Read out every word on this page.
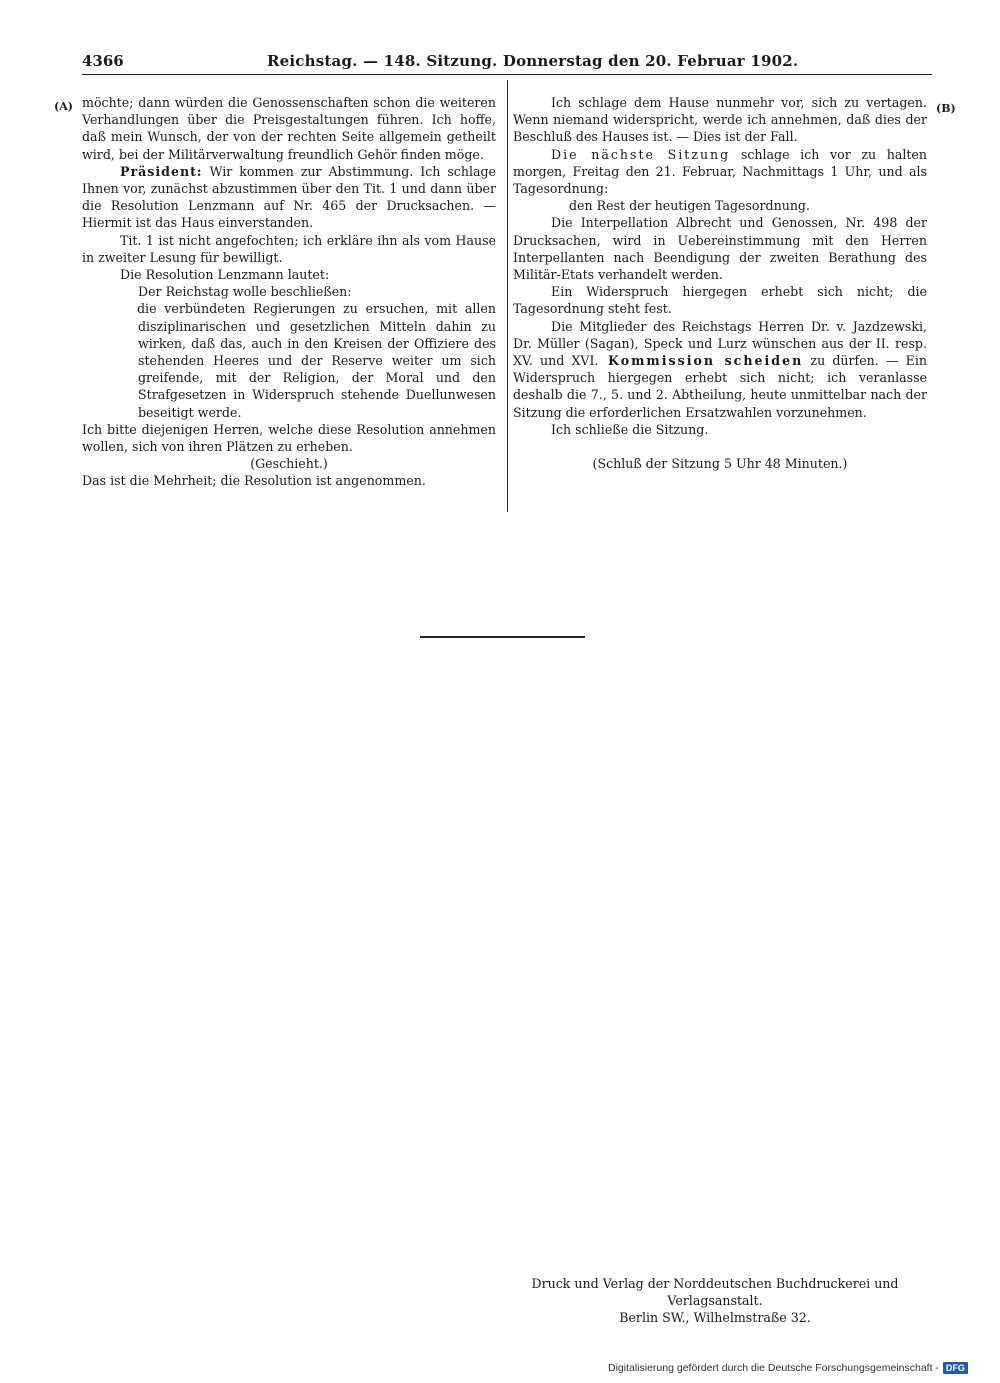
4366	Reichstag. — 148. Sitzung. Donnerstag den 20. Februar 1902.
(A)	(B)

möchte; dann würden die Genossenschaften schon die weiteren Verhandlungen über die Preisgestaltungen führen. Ich hoffe, daß mein Wunsch, der von der rechten Seite allgemein getheilt wird, bei der Militärverwaltung freundlich Gehör finden möge.

Präsident: Wir kommen zur Abstimmung. Ich schlage Ihnen vor, zunächst abzustimmen über den Tit. 1 und dann über die Resolution Lenzmann auf Nr. 465 der Drucksachen. — Hiermit ist das Haus einverstanden.

Tit. 1 ist nicht angefochten; ich erkläre ihn als vom Hause in zweiter Lesung für bewilligt.

Die Resolution Lenzmann lautet:

Der Reichstag wolle beschließen:

die verbündeten Regierungen zu ersuchen, mit allen disziplinarischen und gesetzlichen Mitteln dahin zu wirken, daß das, auch in den Kreisen der Offiziere des stehenden Heeres und der Reserve weiter um sich greifende, mit der Religion, der Moral und den Strafgesetzen in Widerspruch stehende Duellunwesen beseitigt werde.

Ich bitte diejenigen Herren, welche diese Resolution annehmen wollen, sich von ihren Plätzen zu erheben.

(Geschieht.)

Das ist die Mehrheit; die Resolution ist angenommen.

Ich schlage dem Hause nunmehr vor, sich zu vertagen. Wenn niemand widerspricht, werde ich annehmen, daß dies der Beschluß des Hauses ist. — Dies ist der Fall.

Die nächste Sitzung schlage ich vor zu halten morgen, Freitag den 21. Februar, Nachmittags 1 Uhr, und als Tagesordnung:

den Rest der heutigen Tagesordnung.

Die Interpellation Albrecht und Genossen, Nr. 498 der Drucksachen, wird in Uebereinstimmung mit den Herren Interpellanten nach Beendigung der zweiten Berathung des Militär-Etats verhandelt werden.

Ein Widerspruch hiergegen erhebt sich nicht; die Tagesordnung steht fest.

Die Mitglieder des Reichstags Herren Dr. v. Jazdzewski, Dr. Müller (Sagan), Speck und Lurz wünschen aus der II. resp. XV. und XVI. Kommission scheiden zu dürfen. — Ein Widerspruch hiergegen erhebt sich nicht; ich veranlasse deshalb die 7., 5. und 2. Abtheilung, heute unmittelbar nach der Sitzung die erforderlichen Ersatzwahlen vorzunehmen.

Ich schließe die Sitzung.

(Schluß der Sitzung 5 Uhr 48 Minuten.)

Druck und Verlag der Norddeutschen Buchdruckerei und Verlagsanstalt.
Berlin SW., Wilhelmstraße 32.
Digitalisierung gefördert durch die Deutsche Forschungsgemeinschaft - DFG
